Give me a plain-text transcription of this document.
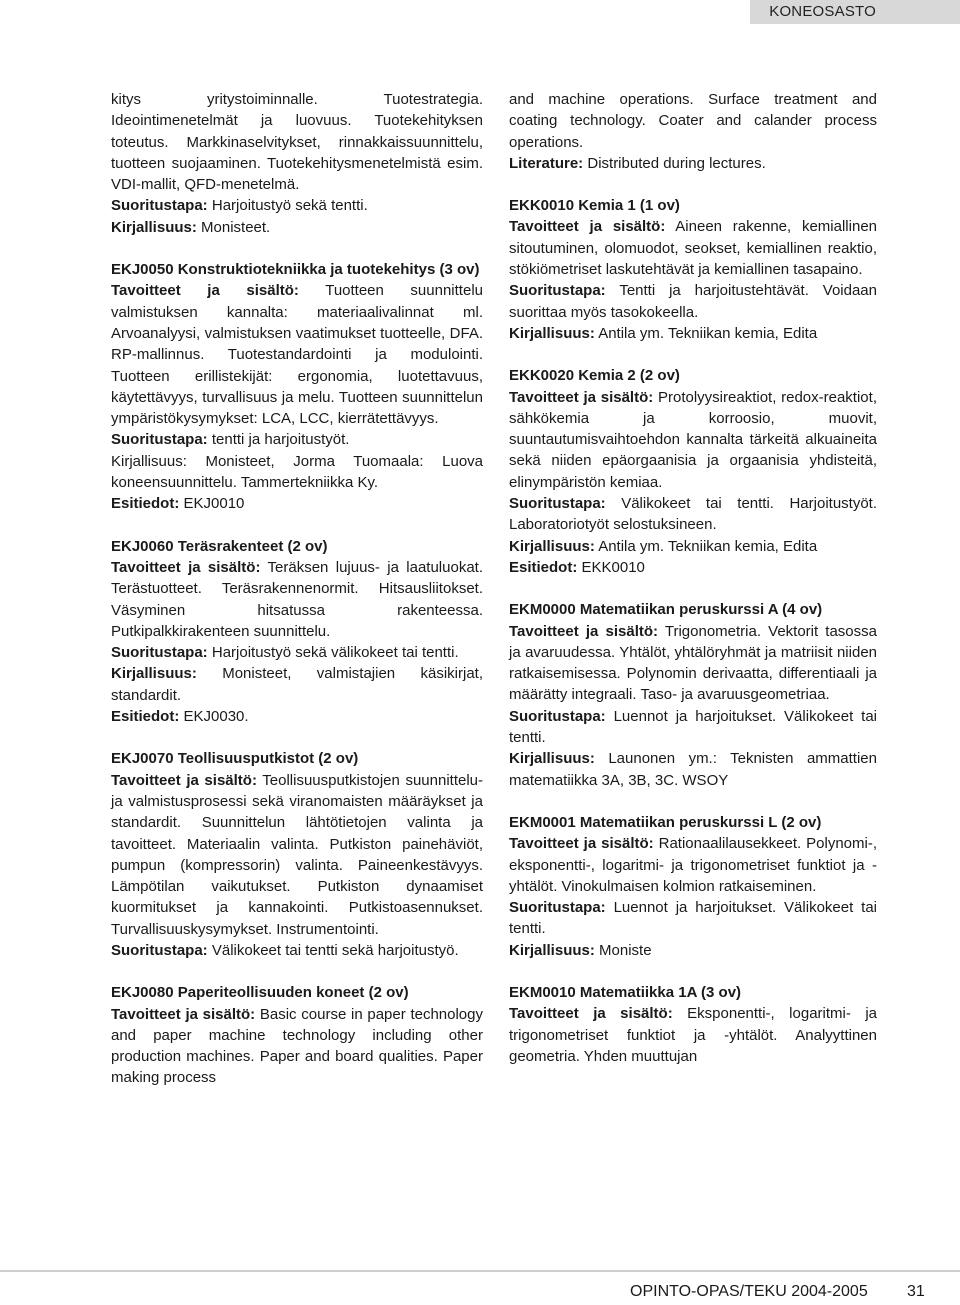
KONEOSASTO

kitys yritystoiminnalle. Tuotestrategia. Ideointimenetelmät ja luovuus. Tuotekehityksen toteutus. Markkinaselvitykset, rinnakkaissuunnittelu, tuotteen suojaaminen. Tuotekehitysmenetelmistä esim. VDI-mallit, QFD-menetelmä.

Suoritustapa: Harjoitustyö sekä tentti.

Kirjallisuus: Monisteet.

EKJ0050 Konstruktiotekniikka ja tuotekehitys (3 ov)

Tavoitteet ja sisältö: Tuotteen suunnittelu valmistuksen kannalta: materiaalivalinnat ml. Arvoanalyysi, valmistuksen vaatimukset tuotteelle, DFA. RP-mallinnus. Tuotestandardointi ja modulointi. Tuotteen erillistekijät: ergonomia, luotettavuus, käytettävyys, turvallisuus ja melu. Tuotteen suunnittelun ympäristökysymykset: LCA, LCC, kierrätettävyys.

Suoritustapa: tentti ja harjoitustyöt.

Kirjallisuus: Monisteet, Jorma Tuomaala: Luova koneensuunnittelu. Tammertekniikka Ky.

Esitiedot: EKJ0010

EKJ0060 Teräsrakenteet (2 ov)

Tavoitteet ja sisältö: Teräksen lujuus- ja laatuluokat. Terästuotteet. Teräsrakennenormit. Hitsausliitokset. Väsyminen hitsatussa rakenteessa. Putkipalkkirakenteen suunnittelu.

Suoritustapa: Harjoitustyö sekä välikokeet tai tentti.

Kirjallisuus: Monisteet, valmistajien käsikirjat, standardit.

Esitiedot: EKJ0030.

EKJ0070 Teollisuusputkistot (2 ov)

Tavoitteet ja sisältö: Teollisuusputkistojen suunnittelu- ja valmistusprosessi sekä viranomaisten määräykset ja standardit. Suunnittelun lähtötietojen valinta ja tavoitteet. Materiaalin valinta. Putkiston painehäviöt, pumpun (kompressorin) valinta. Paineenkestävyys. Lämpötilan vaikutukset. Putkiston dynaamiset kuormitukset ja kannakointi. Putkistoasennukset. Turvallisuuskysymykset. Instrumentointi.

Suoritustapa: Välikokeet tai tentti sekä harjoitustyö.

EKJ0080 Paperiteollisuuden koneet (2 ov)

Tavoitteet ja sisältö: Basic course in paper technology and paper machine technology including other production machines. Paper and board qualities. Paper making process

and machine operations. Surface treatment and coating technology. Coater and calander process operations.

Literature: Distributed during lectures.

EKK0010 Kemia 1 (1 ov)

Tavoitteet ja sisältö: Aineen rakenne, kemiallinen sitoutuminen, olomuodot, seokset, kemiallinen reaktio, stökiömetriset laskutehtävät ja kemiallinen tasapaino.

Suoritustapa: Tentti ja harjoitustehtävät. Voidaan suorittaa myös tasokokeella.

Kirjallisuus: Antila ym. Tekniikan kemia, Edita

EKK0020 Kemia 2 (2 ov)

Tavoitteet ja sisältö: Protolyysireaktiot, redox-reaktiot, sähkökemia ja korroosio, muovit, suuntautumisvaihtoehdon kannalta tärkeitä alkuaineita sekä niiden epäorgaanisia ja orgaanisia yhdisteitä, elinympäristön kemiaa.

Suoritustapa: Välikokeet tai tentti. Harjoitustyöt. Laboratoriotyöt selostuksineen.

Kirjallisuus: Antila ym. Tekniikan kemia, Edita

Esitiedot: EKK0010

EKM0000 Matematiikan peruskurssi A (4 ov)

Tavoitteet ja sisältö: Trigonometria. Vektorit tasossa ja avaruudessa. Yhtälöt, yhtälöryhmät ja matriisit niiden ratkaisemisessa. Polynomin derivaatta, differentiaali ja määrätty integraali. Taso- ja avaruusgeometriaa.

Suoritustapa: Luennot ja harjoitukset. Välikokeet tai tentti.

Kirjallisuus: Launonen ym.: Teknisten ammattien matematiikka 3A, 3B, 3C. WSOY

EKM0001 Matematiikan peruskurssi L (2 ov)

Tavoitteet ja sisältö: Rationaalilausekkeet. Polynomi-, eksponentti-, logaritmi- ja trigonometriset funktiot ja -yhtälöt. Vinokulmaisen kolmion ratkaiseminen.

Suoritustapa: Luennot ja harjoitukset. Välikokeet tai tentti.

Kirjallisuus: Moniste

EKM0010 Matematiikka 1A (3 ov)

Tavoitteet ja sisältö: Eksponentti-, logaritmi- ja trigonometriset funktiot ja -yhtälöt. Analyyttinen geometria. Yhden muuttujan

OPINTO-OPAS/TEKU 2004-2005 31
